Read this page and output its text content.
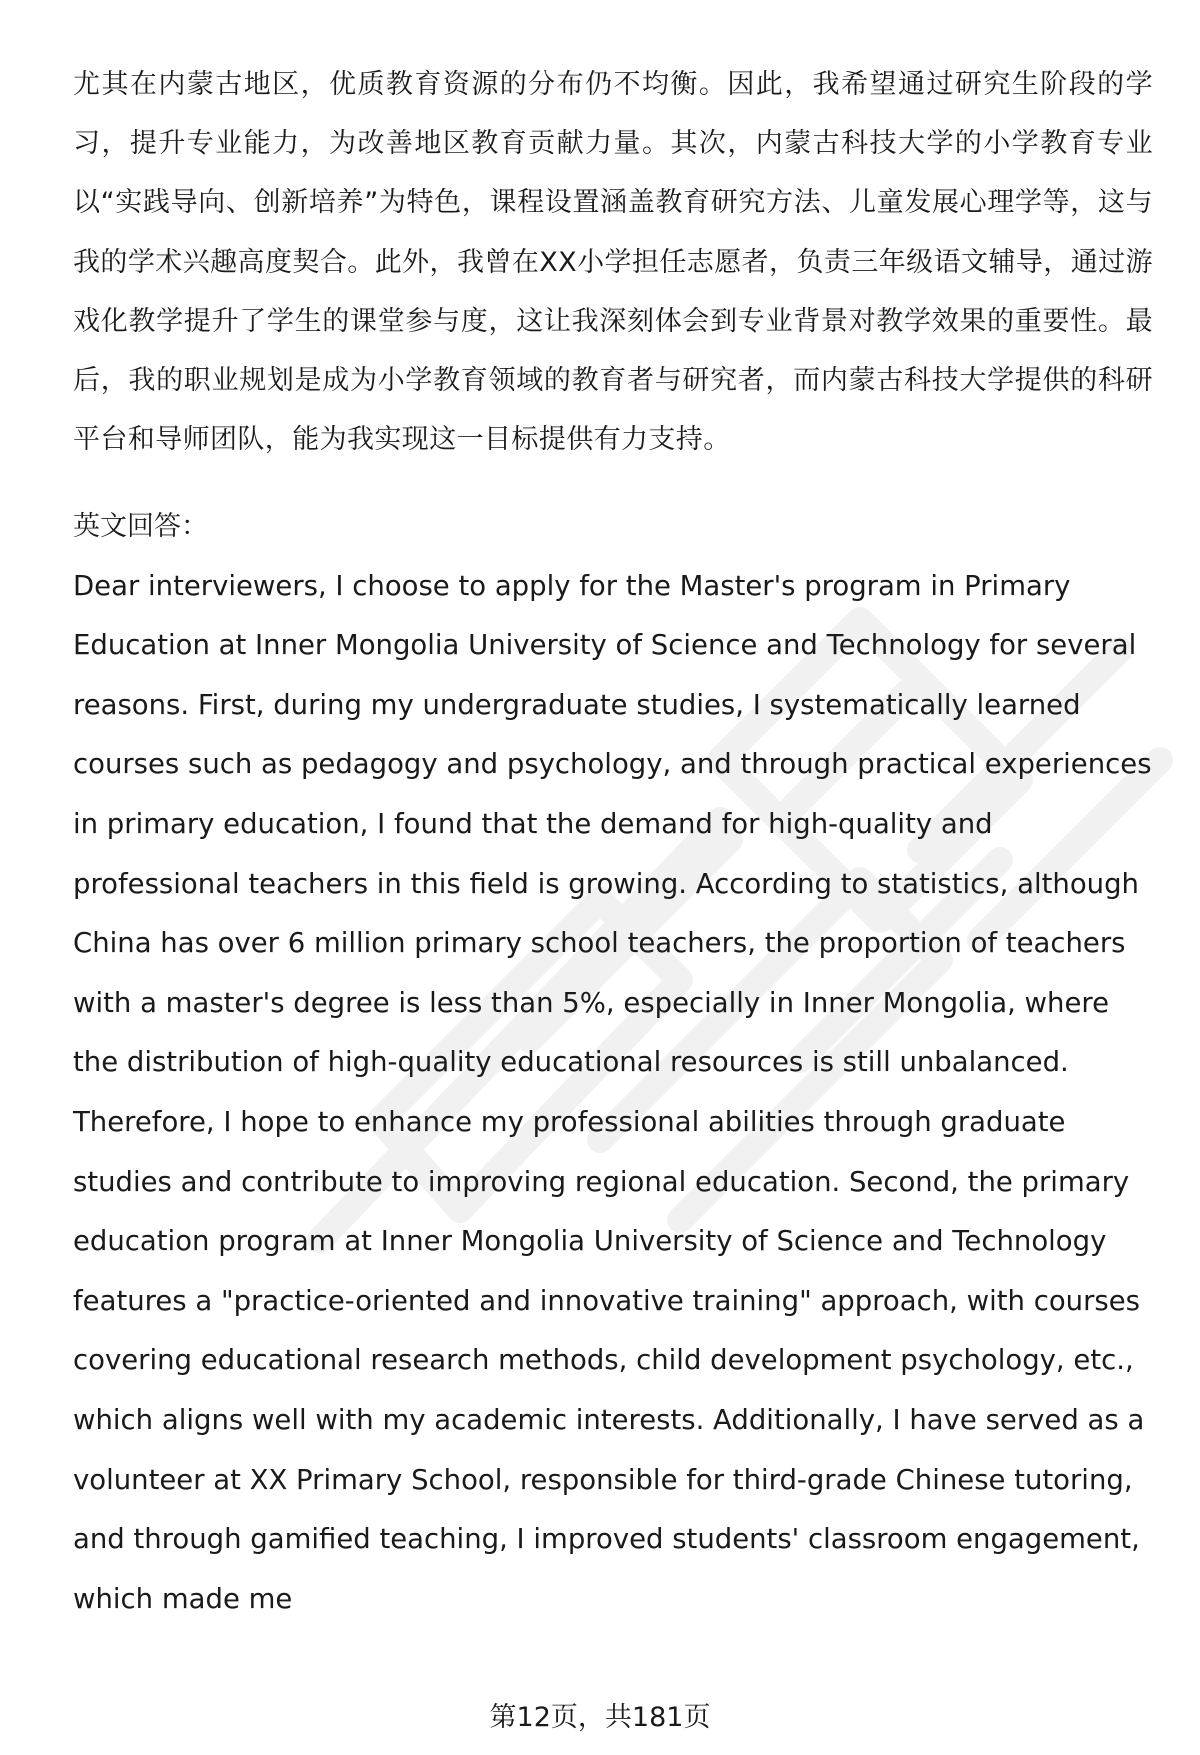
尤其在内蒙古地区，优质教育资源的分布仍不均衡。因此，我希望通过研究生阶段的学习，提升专业能力，为改善地区教育贡献力量。其次，内蒙古科技大学的小学教育专业以“实践导向、创新培养”为特色，课程设置涵盖教育研究方法、儿童发展心理学等，这与我的学术兴趣高度契合。此外，我曾在XX小学担任志愿者，负责三年级语文辅导，通过游戏化教学提升了学生的课堂参与度，这让我深刻体会到专业背景对教学效果的重要性。最后，我的职业规划是成为小学教育领域的教育者与研究者，而内蒙古科技大学提供的科研平台和导师团队，能为我实现这一目标提供有力支持。

英文回答：

Dear interviewers, I choose to apply for the Master's program in Primary Education at Inner Mongolia University of Science and Technology for several reasons. First, during my undergraduate studies, I systematically learned courses such as pedagogy and psychology, and through practical experiences in primary education, I found that the demand for high-quality and professional teachers in this field is growing. According to statistics, although China has over 6 million primary school teachers, the proportion of teachers with a master's degree is less than 5%, especially in Inner Mongolia, where the distribution of high-quality educational resources is still unbalanced. Therefore, I hope to enhance my professional abilities through graduate studies and contribute to improving regional education. Second, the primary education program at Inner Mongolia University of Science and Technology features a "practice-oriented and innovative training" approach, with courses covering educational research methods, child development psychology, etc., which aligns well with my academic interests. Additionally, I have served as a volunteer at XX Primary School, responsible for third-grade Chinese tutoring, and through gamified teaching, I improved students' classroom engagement, which made me

第12页，共181页
